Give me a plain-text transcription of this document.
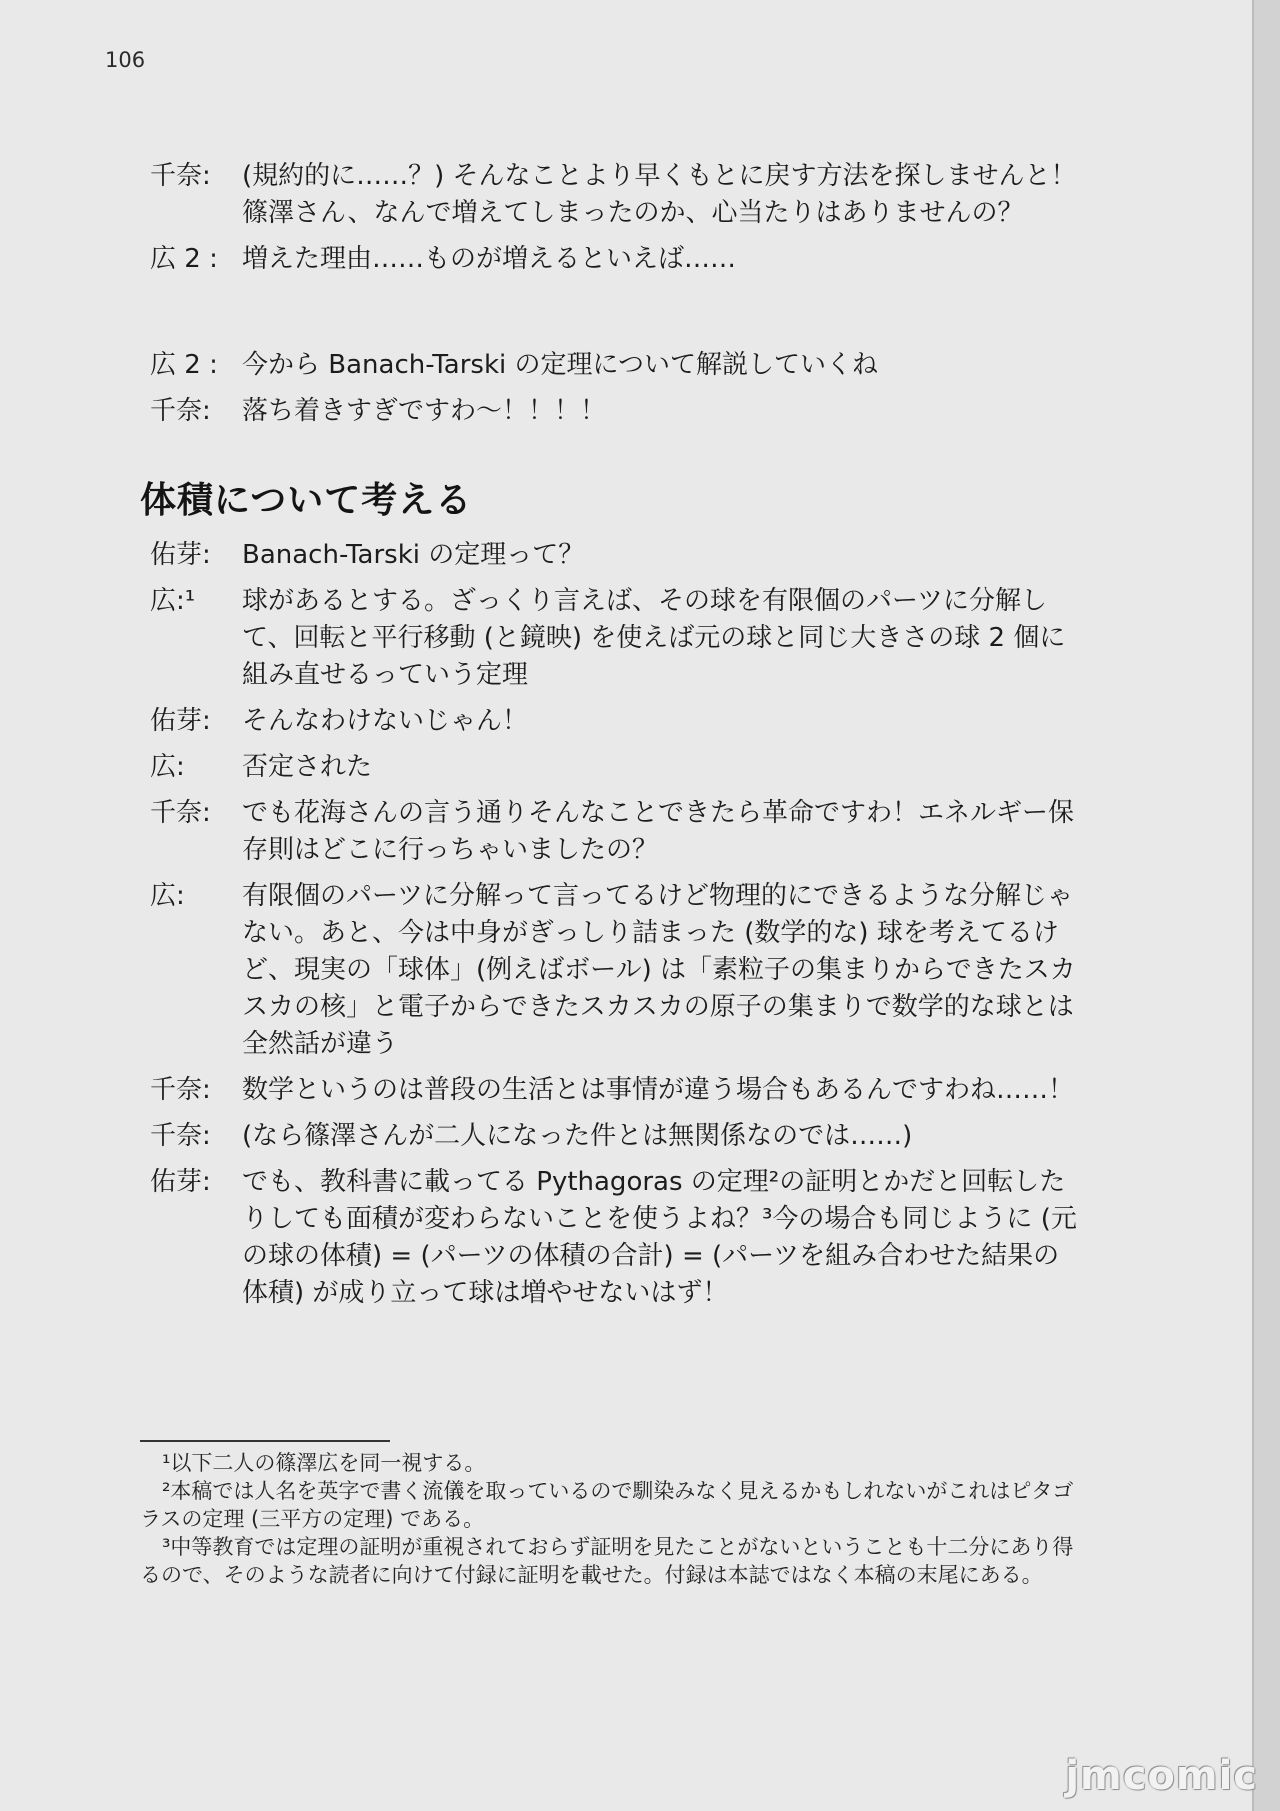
106
千奈:	(規約的に……？) そんなことより早くもとに戻す方法を探しませんと！篠澤さん、なんで増えてしまったのか、心当たりはありませんの？
広 2 : 増えた理由……ものが増えるといえば……
広 2 : 今から Banach-Tarski の定理について解説していくね
千奈:	落ち着きすぎですわ～！！！！
体積について考える
佑芽:	Banach-Tarski の定理って？
広:¹	球があるとする。ざっくり言えば、その球を有限個のパーツに分解して、回転と平行移動 (と鏡映) を使えば元の球と同じ大きさの球 2 個に組み直せるっていう定理
佑芽:	そんなわけないじゃん！
広:	否定された
千奈:	でも花海さんの言う通りそんなことできたら革命ですわ！エネルギー保存則はどこに行っちゃいましたの？
広:	有限個のパーツに分解って言ってるけど物理的にできるような分解じゃない。あと、今は中身がぎっしり詰まった (数学的な) 球を考えてるけど、現実の「球体」(例えばボール) は「素粒子の集まりからできたスカスカの核」と電子からできたスカスカの原子の集まりで数学的な球とは全然話が違う
千奈:	数学というのは普段の生活とは事情が違う場合もあるんですわね……！
千奈:	(なら篠澤さんが二人になった件とは無関係なのでは……)
佑芽:	でも、教科書に載ってる Pythagoras の定理²の証明とかだと回転したりしても面積が変わらないことを使うよね？³今の場合も同じように (元の球の体積) = (パーツの体積の合計) = (パーツを組み合わせた結果の体積) が成り立って球は増やせないはず！

¹以下二人の篠澤広を同一視する。

²本稿では人名を英字で書く流儀を取っているので馴染みなく見えるかもしれないがこれはピタゴラスの定理 (三平方の定理) である。

³中等教育では定理の証明が重視されておらず証明を見たことがないということも十二分にあり得るので、そのような読者に向けて付録に証明を載せた。付録は本誌ではなく本稿の末尾にある。

jmcomic
